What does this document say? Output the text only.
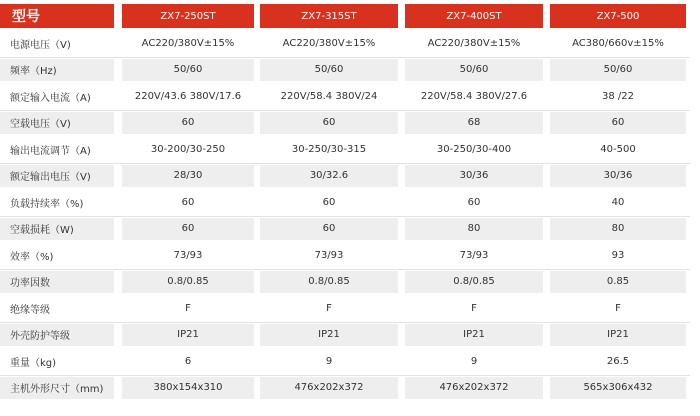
型号	ZX7-250ST	ZX7-315ST	ZX7-400ST	ZX7-500
电源电压（V)	AC220/380V±15%	AC220/380V±15%	AC220/380V±15%	AC380/660v±15%
频率（Hz)	50/60	50/60	50/60	50/60
额定输入电流（A)	220V/43.6 380V/17.6	220V/58.4 380V/24	220V/58.4 380V/27.6	38 /22
空载电压（V)	60	60	68	60
输出电流调节（A)	30-200/30-250	30-250/30-315	30-250/30-400	40-500
额定输出电压（V)	28/30	30/32.6	30/36	30/36
负载持续率（%)	60	60	60	40
空载损耗（W)	60	60	80	80
效率（%)	73/93	73/93	73/93	93
功率因数	0.8/0.85	0.8/0.85	0.8/0.85	0.85
绝缘等级	F	F	F	F
外壳防护等级	IP21	IP21	IP21	IP21
重量（kg)	6	9	9	26.5
主机外形尺寸（mm)	380x154x310	476x202x372	476x202x372	565x306x432
